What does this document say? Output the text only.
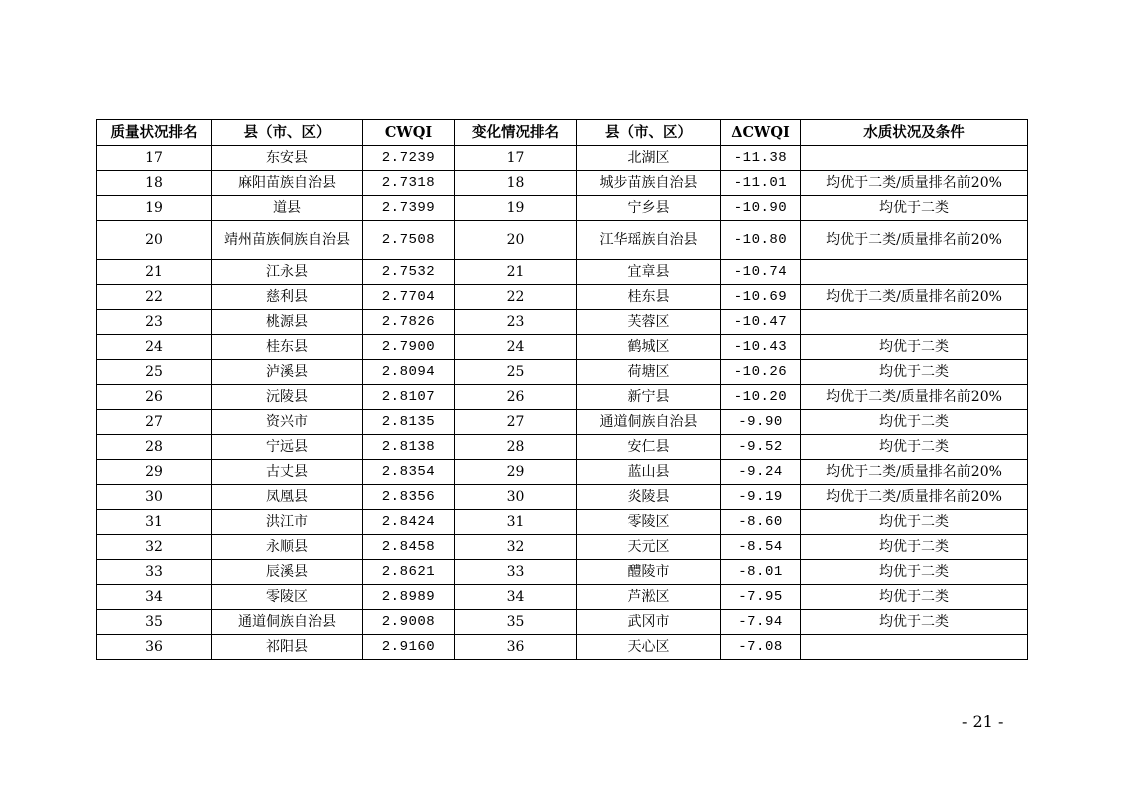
质量状况排名	县（市、区）	CWQI	变化情况排名	县（市、区）	ΔCWQI	水质状况及条件
17	东安县	2.7239	17	北湖区	-11.38	
18	麻阳苗族自治县	2.7318	18	城步苗族自治县	-11.01	均优于二类/质量排名前20%
19	道县	2.7399	19	宁乡县	-10.90	均优于二类
20	靖州苗族侗族自治县	2.7508	20	江华瑶族自治县	-10.80	均优于二类/质量排名前20%
21	江永县	2.7532	21	宜章县	-10.74	
22	慈利县	2.7704	22	桂东县	-10.69	均优于二类/质量排名前20%
23	桃源县	2.7826	23	芙蓉区	-10.47	
24	桂东县	2.7900	24	鹤城区	-10.43	均优于二类
25	泸溪县	2.8094	25	荷塘区	-10.26	均优于二类
26	沅陵县	2.8107	26	新宁县	-10.20	均优于二类/质量排名前20%
27	资兴市	2.8135	27	通道侗族自治县	-9.90	均优于二类
28	宁远县	2.8138	28	安仁县	-9.52	均优于二类
29	古丈县	2.8354	29	蓝山县	-9.24	均优于二类/质量排名前20%
30	凤凰县	2.8356	30	炎陵县	-9.19	均优于二类/质量排名前20%
31	洪江市	2.8424	31	零陵区	-8.60	均优于二类
32	永顺县	2.8458	32	天元区	-8.54	均优于二类
33	辰溪县	2.8621	33	醴陵市	-8.01	均优于二类
34	零陵区	2.8989	34	芦淞区	-7.95	均优于二类
35	通道侗族自治县	2.9008	35	武冈市	-7.94	均优于二类
36	祁阳县	2.9160	36	天心区	-7.08	
- 21 -
